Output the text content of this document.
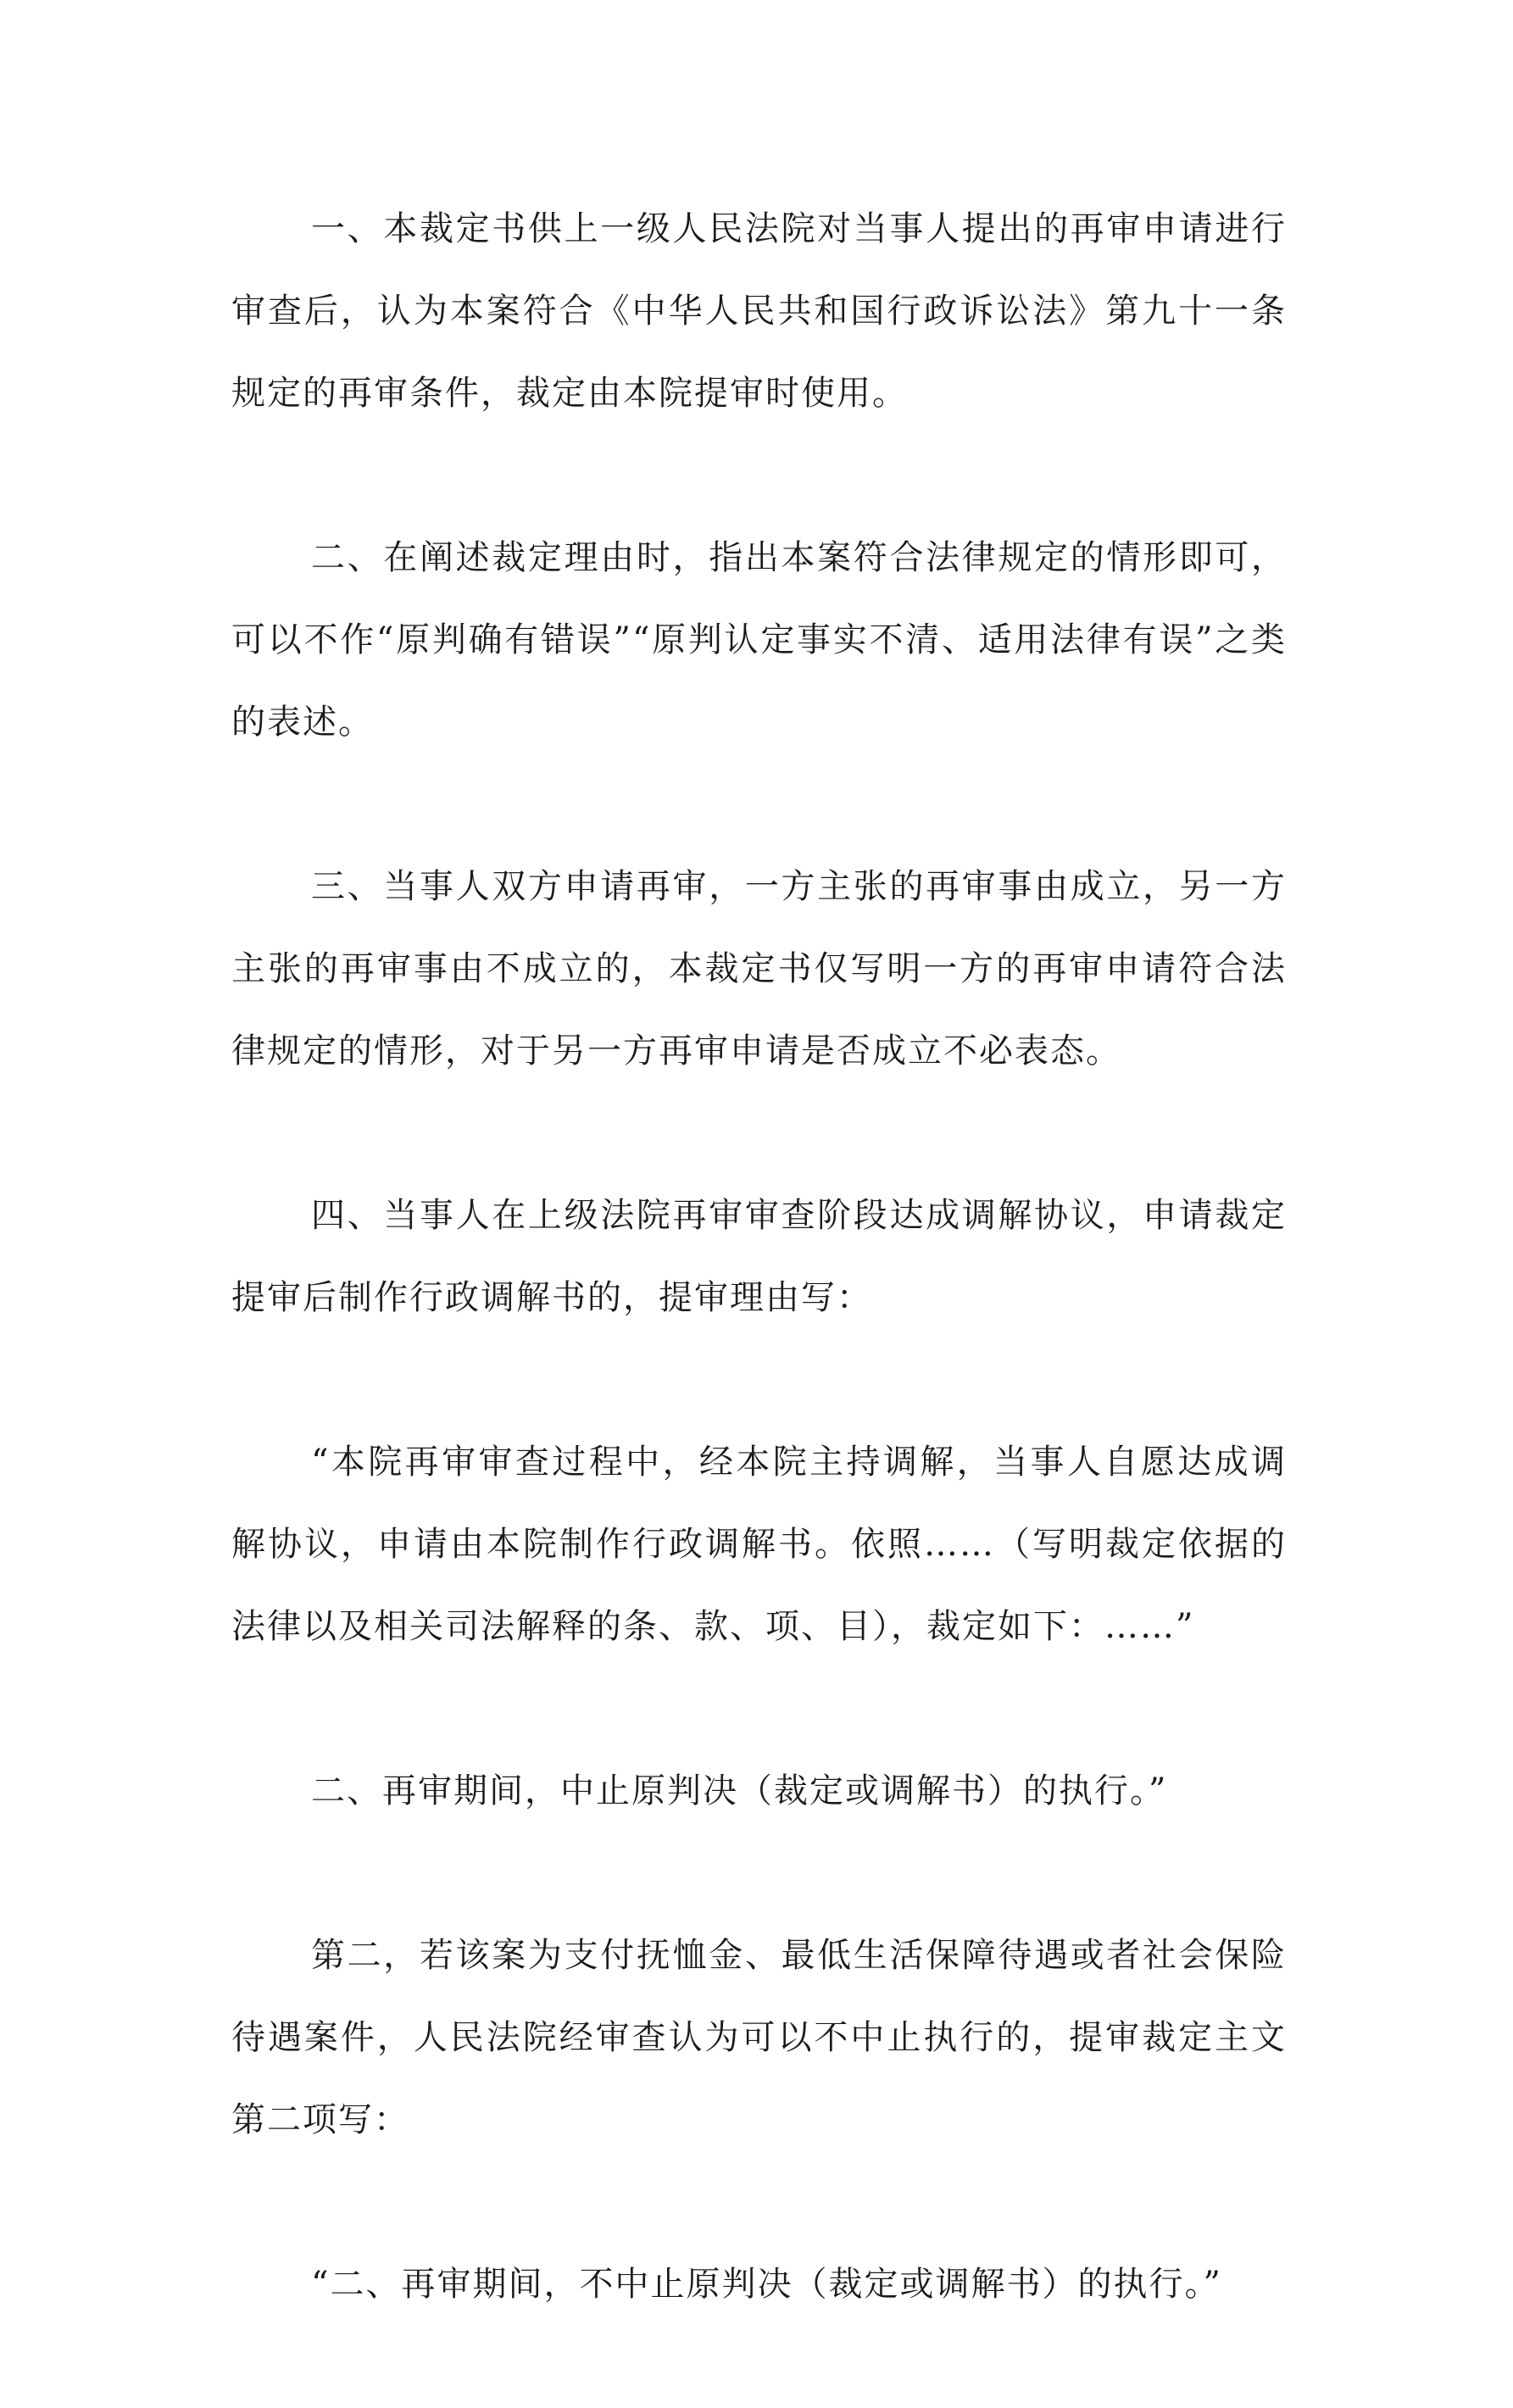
一、本裁定书供上一级人民法院对当事人提出的再审申请进行审查后，认为本案符合《中华人民共和国行政诉讼法》第九十一条规定的再审条件，裁定由本院提审时使用。

二、在阐述裁定理由时，指出本案符合法律规定的情形即可，可以不作“原判确有错误”“原判认定事实不清、适用法律有误”之类的表述。

三、当事人双方申请再审，一方主张的再审事由成立，另一方主张的再审事由不成立的，本裁定书仅写明一方的再审申请符合法律规定的情形，对于另一方再审申请是否成立不必表态。

四、当事人在上级法院再审审查阶段达成调解协议，申请裁定提审后制作行政调解书的，提审理由写：

“本院再审审查过程中，经本院主持调解，当事人自愿达成调解协议，申请由本院制作行政调解书。依照……（写明裁定依据的法律以及相关司法解释的条、款、项、目），裁定如下：……”

二、再审期间，中止原判决（裁定或调解书）的执行。”

第二，若该案为支付抚恤金、最低生活保障待遇或者社会保险待遇案件，人民法院经审查认为可以不中止执行的，提审裁定主文第二项写：

“二、再审期间，不中止原判决（裁定或调解书）的执行。”
